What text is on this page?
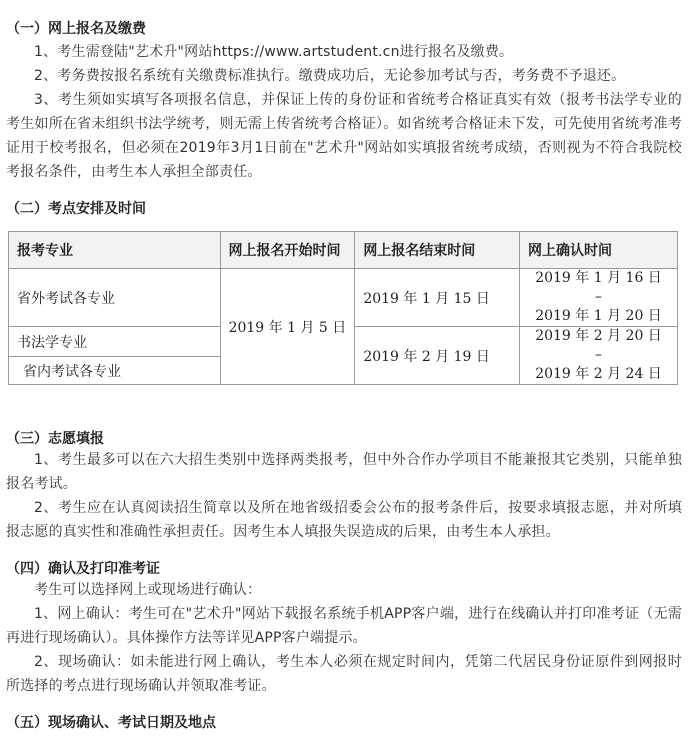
（一）网上报名及缴费

1、考生需登陆"艺术升"网站https://www.artstudent.cn进行报名及缴费。

2、考务费按报名系统有关缴费标准执行。缴费成功后，无论参加考试与否，考务费不予退还。

3、考生须如实填写各项报名信息，并保证上传的身份证和省统考合格证真实有效（报考书法学专业的考生如所在省未组织书法学统考，则无需上传省统考合格证）。如省统考合格证未下发，可先使用省统考准考证用于校考报名，但必须在2019年3月1日前在"艺术升"网站如实填报省统考成绩，否则视为不符合我院校考报名条件，由考生本人承担全部责任。

（二）考点安排及时间
报考专业	网上报名开始时间	网上报名结束时间	网上确认时间
省外考试各专业	2019 年 1 月 5 日	2019 年 1 月 15 日	2019 年 1 月 16 日
–
2019 年 1 月 20 日

书法学专业		2019 年 2 月 19 日	2019 年 2 月 20 日
–
2019 年 2 月 24 日

省内考试各专业			
（三）志愿填报

1、考生最多可以在六大招生类别中选择两类报考，但中外合作办学项目不能兼报其它类别，只能单独报名考试。

2、考生应在认真阅读招生简章以及所在地省级招委会公布的报考条件后，按要求填报志愿，并对所填报志愿的真实性和准确性承担责任。因考生本人填报失误造成的后果，由考生本人承担。

（四）确认及打印准考证

考生可以选择网上或现场进行确认：

1、网上确认：考生可在"艺术升"网站下载报名系统手机APP客户端，进行在线确认并打印准考证（无需再进行现场确认）。具体操作方法等详见APP客户端提示。

2、现场确认：如未能进行网上确认，考生本人必须在规定时间内，凭第二代居民身份证原件到网报时所选择的考点进行现场确认并领取准考证。

（五）现场确认、考试日期及地点
